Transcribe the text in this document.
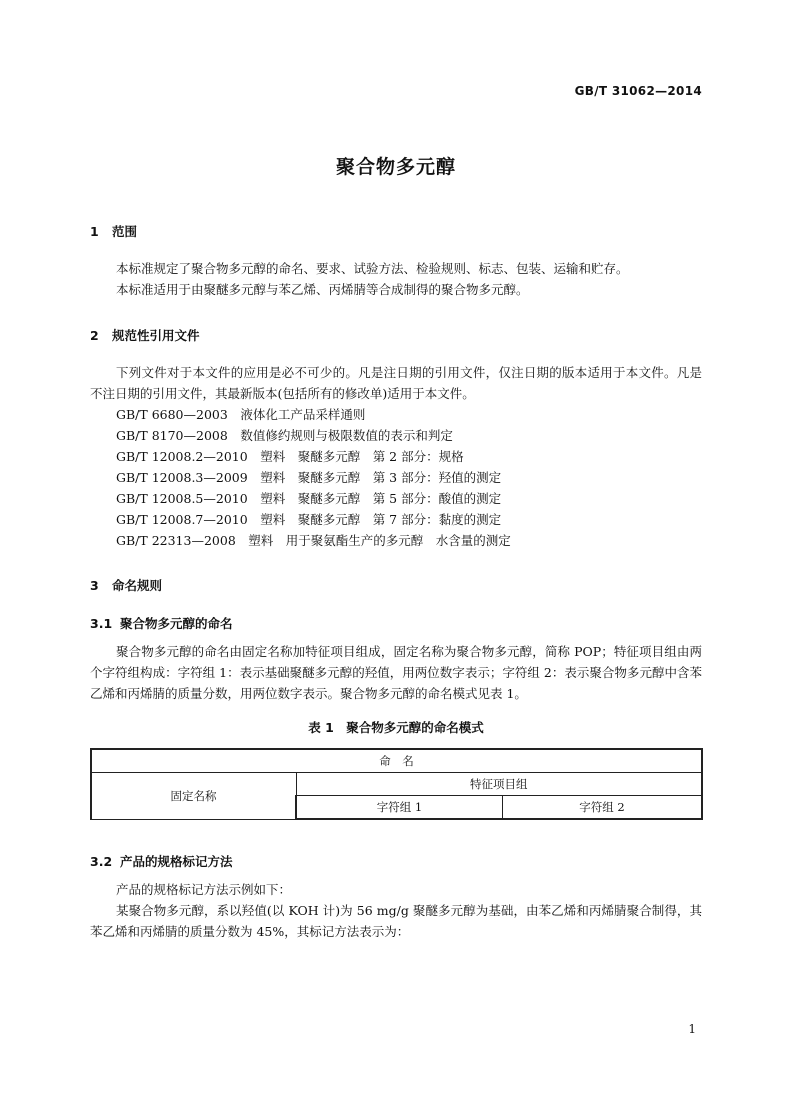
GB/T 31062—2014
聚合物多元醇
1 范围
本标准规定了聚合物多元醇的命名、要求、试验方法、检验规则、标志、包装、运输和贮存。
本标准适用于由聚醚多元醇与苯乙烯、丙烯腈等合成制得的聚合物多元醇。
2 规范性引用文件
下列文件对于本文件的应用是必不可少的。凡是注日期的引用文件，仅注日期的版本适用于本文件。凡是不注日期的引用文件，其最新版本(包括所有的修改单)适用于本文件。
GB/T 6680—2003　液体化工产品采样通则
GB/T 8170—2008　数值修约规则与极限数值的表示和判定
GB/T 12008.2—2010　塑料　聚醚多元醇　第 2 部分：规格
GB/T 12008.3—2009　塑料　聚醚多元醇　第 3 部分：羟值的测定
GB/T 12008.5—2010　塑料　聚醚多元醇　第 5 部分：酸值的测定
GB/T 12008.7—2010　塑料　聚醚多元醇　第 7 部分：黏度的测定
GB/T 22313—2008　塑料　用于聚氨酯生产的多元醇　水含量的测定
3 命名规则
3.1 聚合物多元醇的命名
聚合物多元醇的命名由固定名称加特征项目组成，固定名称为聚合物多元醇，简称 POP；特征项目组由两个字符组构成：字符组 1：表示基础聚醚多元醇的羟值，用两位数字表示；字符组 2：表示聚合物多元醇中含苯乙烯和丙烯腈的质量分数，用两位数字表示。聚合物多元醇的命名模式见表 1。
表 1　聚合物多元醇的命名模式
命　名		
固定名称	特征项目组	
	字符组 1	字符组 2
3.2 产品的规格标记方法
产品的规格标记方法示例如下：
某聚合物多元醇，系以羟值(以 KOH 计)为 56 mg/g 聚醚多元醇为基础，由苯乙烯和丙烯腈聚合制得，其苯乙烯和丙烯腈的质量分数为 45%，其标记方法表示为：
1
